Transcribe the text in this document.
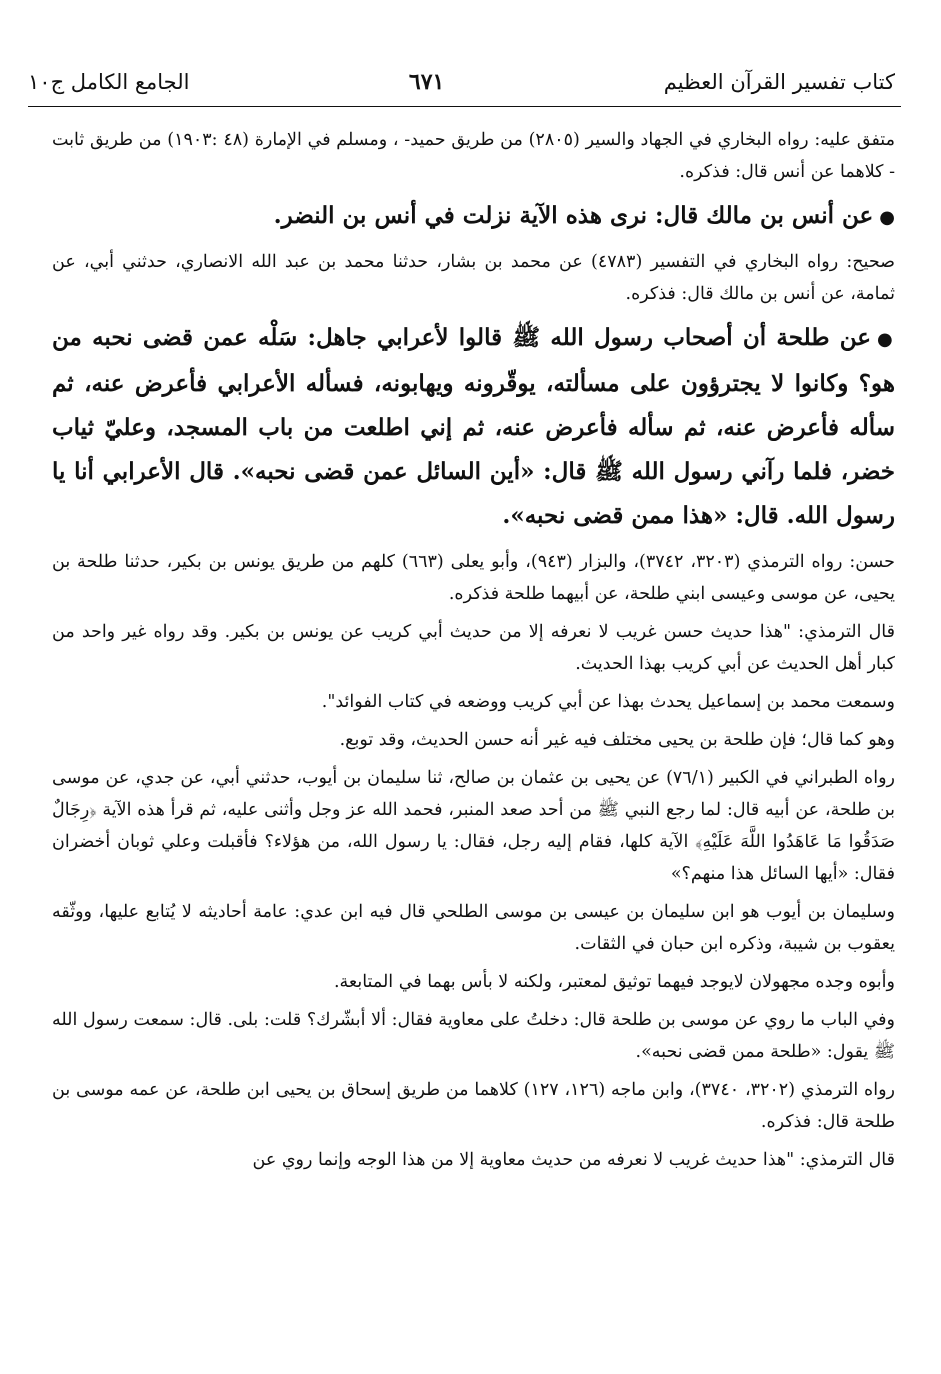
كتاب تفسير القرآن العظيم
٦٧١
الجامع الكامل ج١٠

متفق عليه: رواه البخاري في الجهاد والسير (٢٨٠٥) من طريق حميد- ، ومسلم في الإمارة (٤٨ :١٩٠٣) من طريق ثابت - كلاهما عن أنس قال: فذكره.

●عن أنس بن مالك قال: نرى هذه الآية نزلت في أنس بن النضر.

صحيح: رواه البخاري في التفسير (٤٧٨٣) عن محمد بن بشار، حدثنا محمد بن عبد الله الانصاري، حدثني أبي، عن ثمامة، عن أنس بن مالك قال: فذكره.

●عن طلحة أن أصحاب رسول الله ﷺ قالوا لأعرابي جاهل: سَلْه عمن قضى نحبه من هو؟ وكانوا لا يجترؤون على مسألته، يوقّرونه ويهابونه، فسأله الأعرابي فأعرض عنه، ثم سأله فأعرض عنه، ثم سأله فأعرض عنه، ثم إني اطلعت من باب المسجد، وعليّ ثياب خضر، فلما رآني رسول الله ﷺ قال: «أين السائل عمن قضى نحبه». قال الأعرابي أنا يا رسول الله. قال: «هذا ممن قضى نحبه».

حسن: رواه الترمذي (٣٢٠٣، ٣٧٤٢)، والبزار (٩٤٣)، وأبو يعلى (٦٦٣) كلهم من طريق يونس بن بكير، حدثنا طلحة بن يحيى، عن موسى وعيسى ابني طلحة، عن أبيهما طلحة فذكره.

قال الترمذي: "هذا حديث حسن غريب لا نعرفه إلا من حديث أبي كريب عن يونس بن بكير. وقد رواه غير واحد من كبار أهل الحديث عن أبي كريب بهذا الحديث.

وسمعت محمد بن إسماعيل يحدث بهذا عن أبي كريب ووضعه في كتاب الفوائد".

وهو كما قال؛ فإن طلحة بن يحيى مختلف فيه غير أنه حسن الحديث، وقد توبع.

رواه الطبراني في الكبير (٧٦/١) عن يحيى بن عثمان بن صالح، ثنا سليمان بن أيوب، حدثني أبي، عن جدي، عن موسى بن طلحة، عن أبيه قال: لما رجع النبي ﷺ من أحد صعد المنبر، فحمد الله عز وجل وأثنى عليه، ثم قرأ هذه الآية ﴿رِجَالٌ صَدَقُوا مَا عَاهَدُوا اللَّهَ عَلَيْهِ﴾ الآية كلها، فقام إليه رجل، فقال: يا رسول الله، من هؤلاء؟ فأقبلت وعلي ثوبان أخضران فقال: «أيها السائل هذا منهم؟»

وسليمان بن أيوب هو ابن سليمان بن عيسى بن موسى الطلحي قال فيه ابن عدي: عامة أحاديثه لا يُتابع عليها، ووثّقه يعقوب بن شيبة، وذكره ابن حبان في الثقات.

وأبوه وجده مجهولان لايوجد فيهما توثيق لمعتبر، ولكنه لا بأس بهما في المتابعة.

وفي الباب ما روي عن موسى بن طلحة قال: دخلتُ على معاوية فقال: ألا أبشّرك؟ قلت: بلى. قال: سمعت رسول الله ﷺ يقول: «طلحة ممن قضى نحبه».

رواه الترمذي (٣٢٠٢، ٣٧٤٠)، وابن ماجه (١٢٦، ١٢٧) كلاهما من طريق إسحاق بن يحيى ابن طلحة، عن عمه موسى بن طلحة قال: فذكره.

قال الترمذي: "هذا حديث غريب لا نعرفه من حديث معاوية إلا من هذا الوجه وإنما روي عن
